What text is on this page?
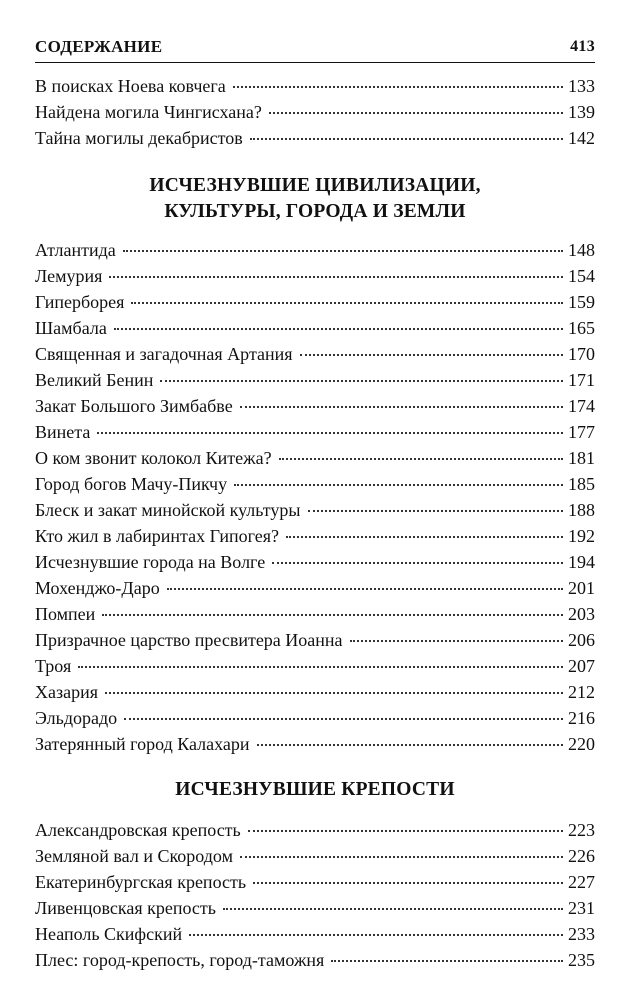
СОДЕРЖАНИЕ	413
В поисках Ноева ковчега	133
Найдена могила Чингисхана?	139
Тайна могилы декабристов	142
ИСЧЕЗНУВШИЕ ЦИВИЛИЗАЦИИ,
КУЛЬТУРЫ, ГОРОДА И ЗЕМЛИ
Атлантида	148
Лемурия	154
Гиперборея	159
Шамбала	165
Священная и загадочная Артания	170
Великий Бенин	171
Закат Большого Зимбабве	174
Винета	177
О ком звонит колокол Китежа?	181
Город богов Мачу-Пикчу	185
Блеск и закат минойской культуры	188
Кто жил в лабиринтах Гипогея?	192
Исчезнувшие города на Волге	194
Мохенджо-Даро	201
Помпеи	203
Призрачное царство пресвитера Иоанна	206
Троя	207
Хазария	212
Эльдорадо	216
Затерянный город Калахари	220
ИСЧЕЗНУВШИЕ КРЕПОСТИ
Александровская крепость	223
Земляной вал и Скородом	226
Екатеринбургская крепость	227
Ливенцовская крепость	231
Неаполь Скифский	233
Плес: город-крепость, город-таможня	235
